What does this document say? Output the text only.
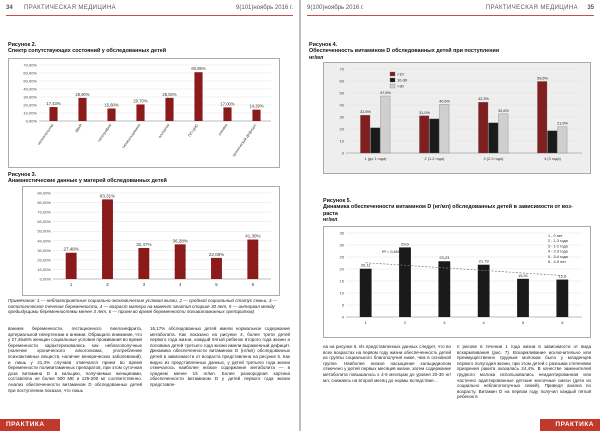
34 ПРАКТИЧЕСКАЯ МЕДИЦИНА	9(101)ноябрь 2016 г.
Рисунок 2.
Спектр сопутствующих состояний у обследованных детей
0,00%
10,00%
20,00%
30,00%
40,00%
50,00%
60,00%
70,00%
17,43%
неонатальная
28,90%
ЗВУР
15,60%
гипотрофия
20,70%
гипокальциемия
28,93%
аллергия
60,89%
ПП ЦНС
17,00%
анемия
14,29%
хронический дефицит
Рисунок 3.
Анамнестические данные у матерей обследованных детей
0,00%
10,00%
20,00%
30,00%
40,00%
50,00%
60,00%
70,00%
80,00%
90,00%
27,48%
1
83,31%
2
32,47%
3
36,28%
4
22,08%
5
41,30%
6
Примечание: 1 — неблагоприятные социально-экономические условия жизни, 2 — средний социальный статус семьи, 3 — патологическое течение беременности, 4 — возраст матери на момент зачатия старше 30 лет, 5 — интервал между предыдущими беременностями менее 3 лет, 6 — прием во время беременности поливитаминных препаратов)
ванием беременности, гестационного пиелонефрита, артериальной гипертензии и анемии. Обращало внимание, что у 27,48±5% женщин социальные условия проживания во время беременности характеризовались как неблагополучные (наличие хронического алкоголизма, употребление психоактивных веществ, наличие венерических заболеваний), и лишь у 41,3% случаев отмечался прием во время беременности поливитаминных препаратов, при этом суточная доза витамина D в кальцию, получаемых женщинами, составляла не более 500 МЕ и 125-200 мг соответственно. Анализ обеспеченности витамином D обследованных детей при поступлении показал, что лишь
16,17% обследованных детей имели нормальное содержание метаболита. Как показано на рисунке 4, более трети детей первого года жизни, каждый пятый ребенок второго года жизни и половина детей третьего года жизни имели выраженный дефицит. Динамика обеспеченности витамином D (нг/мл) обследованных детей в зависимости от возраста представлена на рисунке 5. Как видно из представленных данных, у детей третьего года жизни отмечалось наиболее низкое содержание метаболита — в среднем менее 15 нг/мл. Более разнородная картина обеспеченности витамином D у детей первого года жизни представле-
ПРАКТИКА
9(100)ноябрь 2016 г.	ПРАКТИЧЕСКАЯ МЕДИЦИНА 35
Рисунок 4.
Обеспеченность витамином D обследованных детей при поступлении
нг/мл
0
10
20
30
40
50
60
70
31,5%
47,5%
1 (до 1 года)
31,0%
40,6%
2 (1-2 года)
42,3%
32,6%
3 (2-3 года)
59,6%
21,9%
4 (3 года)
<10
10-30
>30
Рисунок 5.
Динамика обеспеченности витамином D (нг/мл) обследованных детей в зависимости от воз-
раста
нг/мл
0
5
10
15
20
25
30
35
20,11
1
29,0
2
23,23
3
21,79
4
15,91
5
15,6
6
R² = 0,5693
1 - 0 лет
2 - 1-3 года
3 - 1-2 года
4 - 2-3 года
5 - 3-4 года
6 - 4-5 лет
на на рисунке 6. Из представленных данных следует, что во всех возрастах на первом году жизни обеспеченность детей из группы социального благополучия ниже, чем в основной группе. Наиболее низкое насыщение кальцидиолом отмечено у детей первых месяцев жизни, затем содержание метаболита повышалось к 4-5 месяцам до уровня 20-30 нг/мл, снижаясь на второй месяц до нормы вследствие…
п рисове в течении 1 года жизни в зависимости от вида вскармливания (рис. 7). Вскармливание исключительно или преимущественно грудным молоком было у младенцев первого полугодия жизни, при этом детей с разными степенями призрения ракита оказалась 24,4%. В качестве заменителей грудного молока использовались неадаптированная или частично адаптированные детские молочные смеси (дети из социально неблагополучных семей). Приведя анализ по возрасту. Витамин D на первом году получил каждый пятый ребенок в
ПРАКТИКА
